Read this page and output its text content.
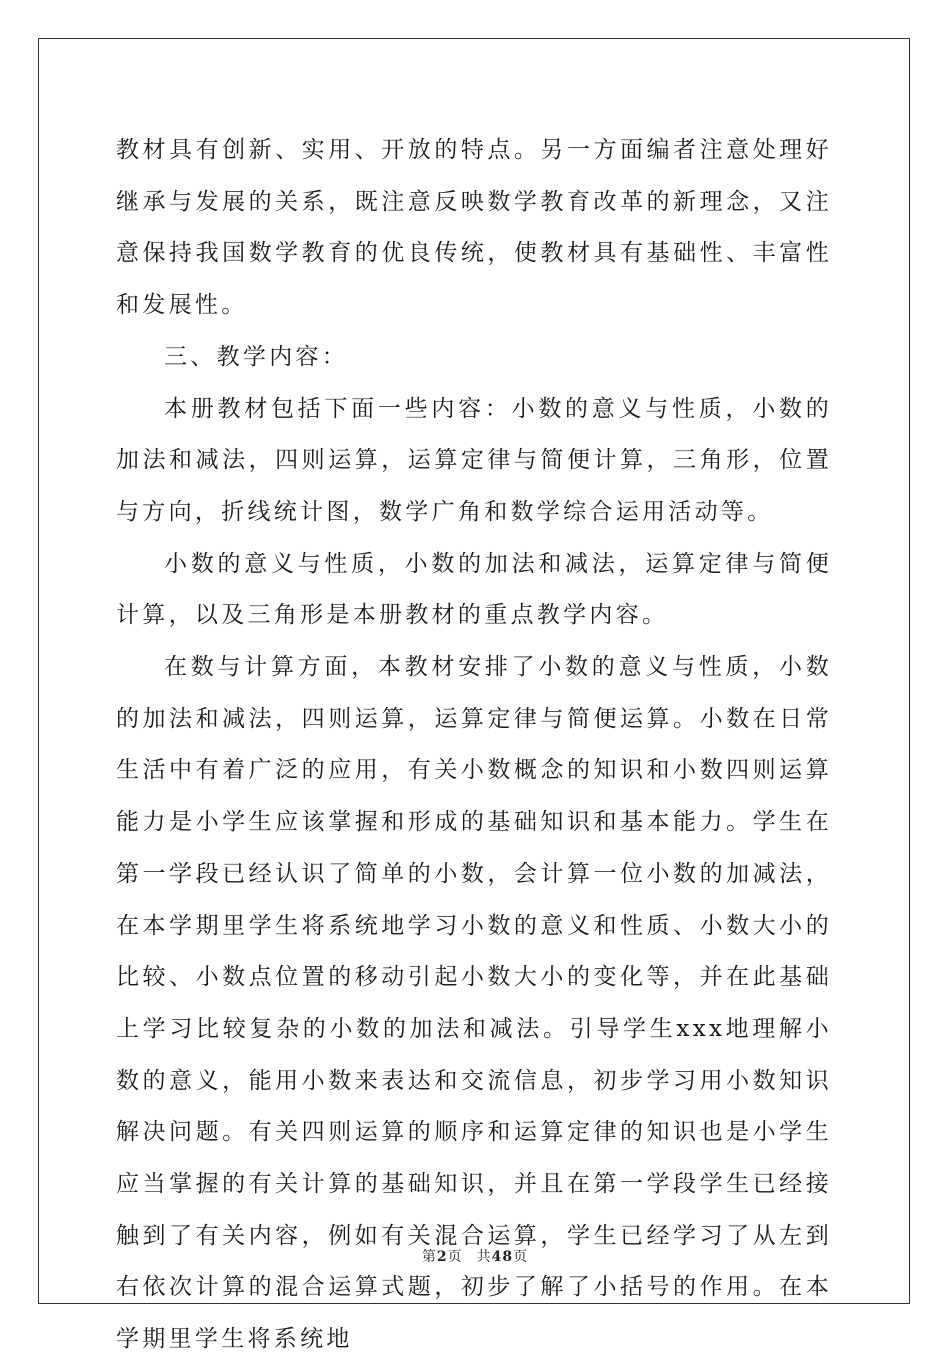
教材具有创新、实用、开放的特点。另一方面编者注意处理好继承与发展的关系，既注意反映数学教育改革的新理念，又注意保持我国数学教育的优良传统，使教材具有基础性、丰富性和发展性。

三、教学内容：

本册教材包括下面一些内容：小数的意义与性质，小数的加法和减法，四则运算，运算定律与简便计算，三角形，位置与方向，折线统计图，数学广角和数学综合运用活动等。

小数的意义与性质，小数的加法和减法，运算定律与简便计算，以及三角形是本册教材的重点教学内容。

在数与计算方面，本教材安排了小数的意义与性质，小数的加法和减法，四则运算，运算定律与简便运算。小数在日常生活中有着广泛的应用，有关小数概念的知识和小数四则运算能力是小学生应该掌握和形成的基础知识和基本能力。学生在第一学段已经认识了简单的小数，会计算一位小数的加减法，在本学期里学生将系统地学习小数的意义和性质、小数大小的比较、小数点位置的移动引起小数大小的变化等，并在此基础上学习比较复杂的小数的加法和减法。引导学生xxx地理解小数的意义，能用小数来表达和交流信息，初步学习用小数知识解决问题。有关四则运算的顺序和运算定律的知识也是小学生应当掌握的有关计算的基础知识，并且在第一学段学生已经接触到了有关内容，例如有关混合运算，学生已经学习了从左到右依次计算的混合运算式题，初步了解了小括号的作用。在本学期里学生将系统地

第2页 共48页
